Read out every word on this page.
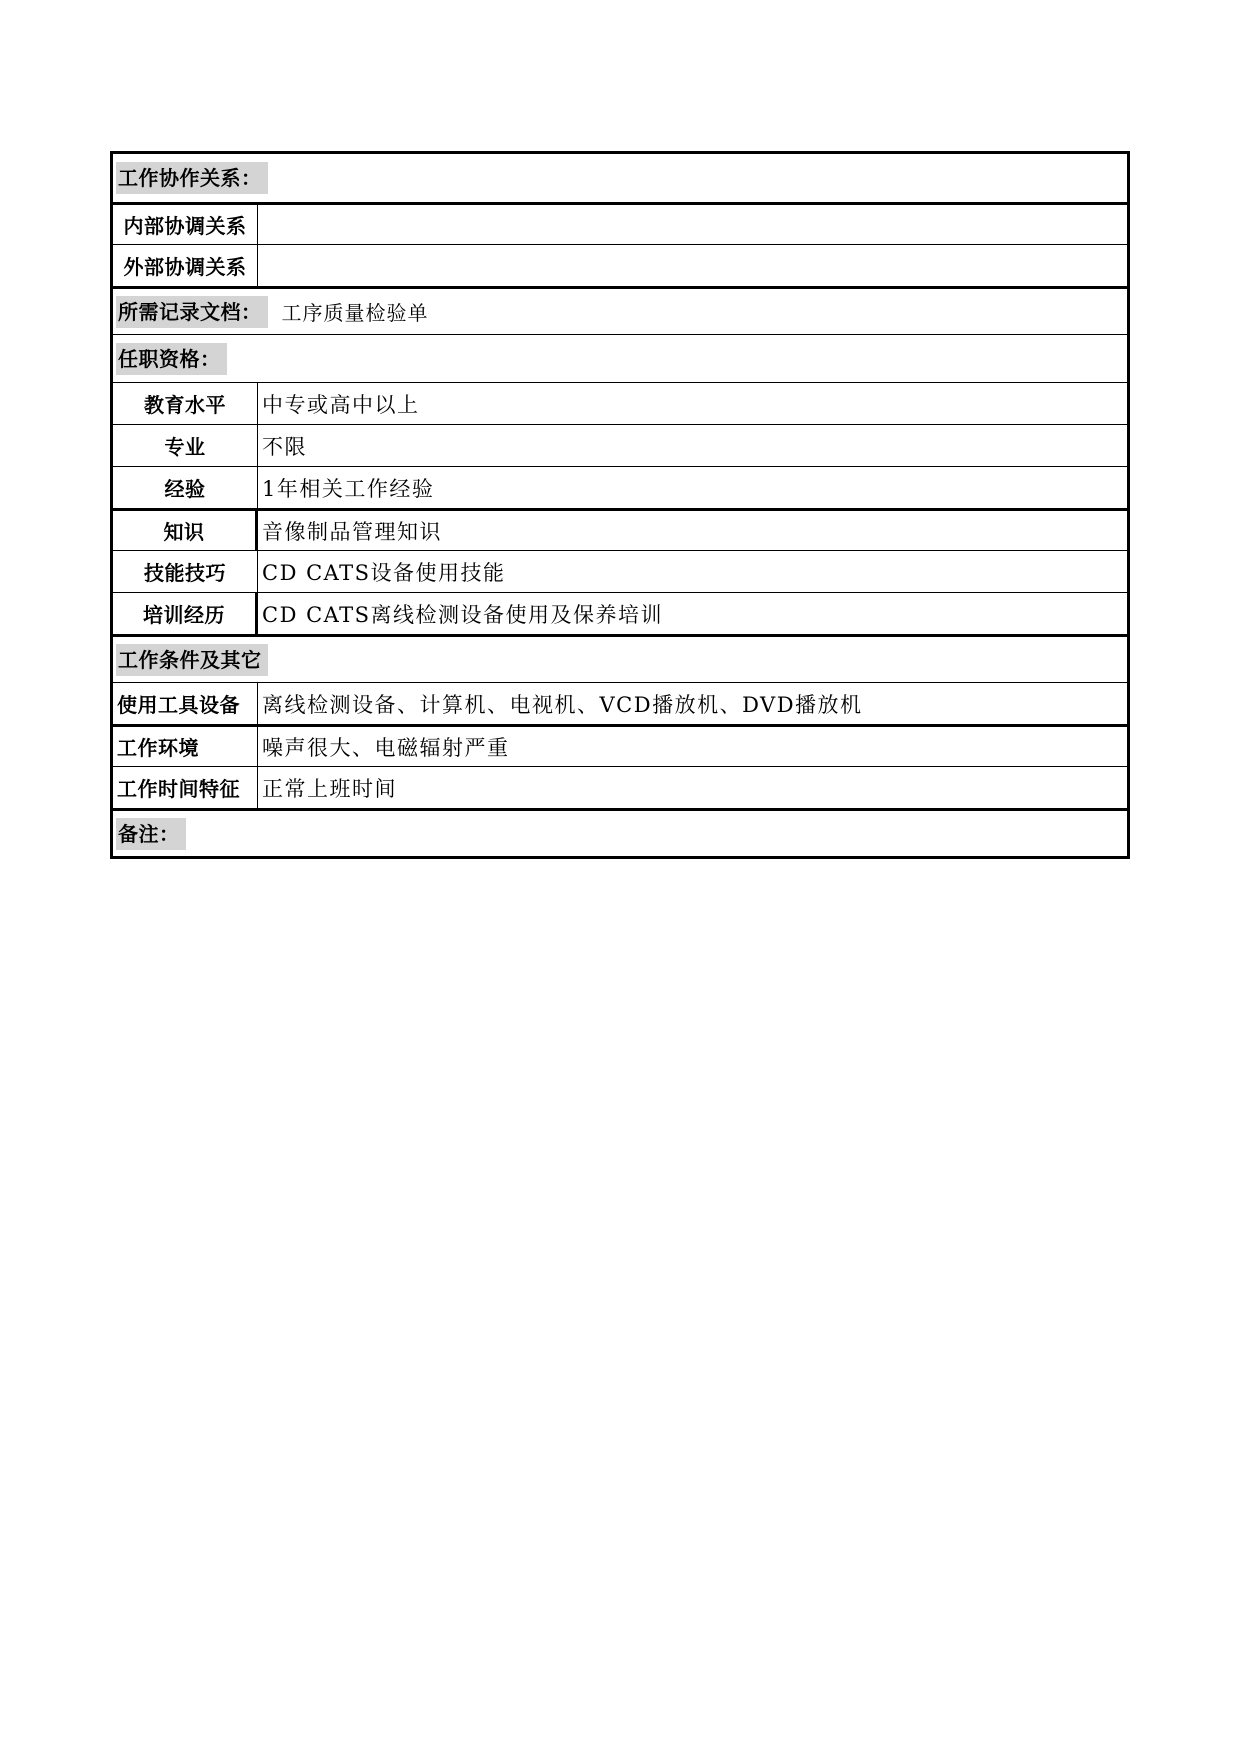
工作协作关系：
内部协调关系
外部协调关系
所需记录文档：	工序质量检验单
任职资格：
教育水平	中专或高中以上
专业	不限
经验	1年相关工作经验
知识	音像制品管理知识
技能技巧	CD CATS设备使用技能
培训经历	CD CATS离线检测设备使用及保养培训
工作条件及其它
使用工具设备	离线检测设备、计算机、电视机、VCD播放机、DVD播放机
工作环境	噪声很大、电磁辐射严重
工作时间特征	正常上班时间
备注：
